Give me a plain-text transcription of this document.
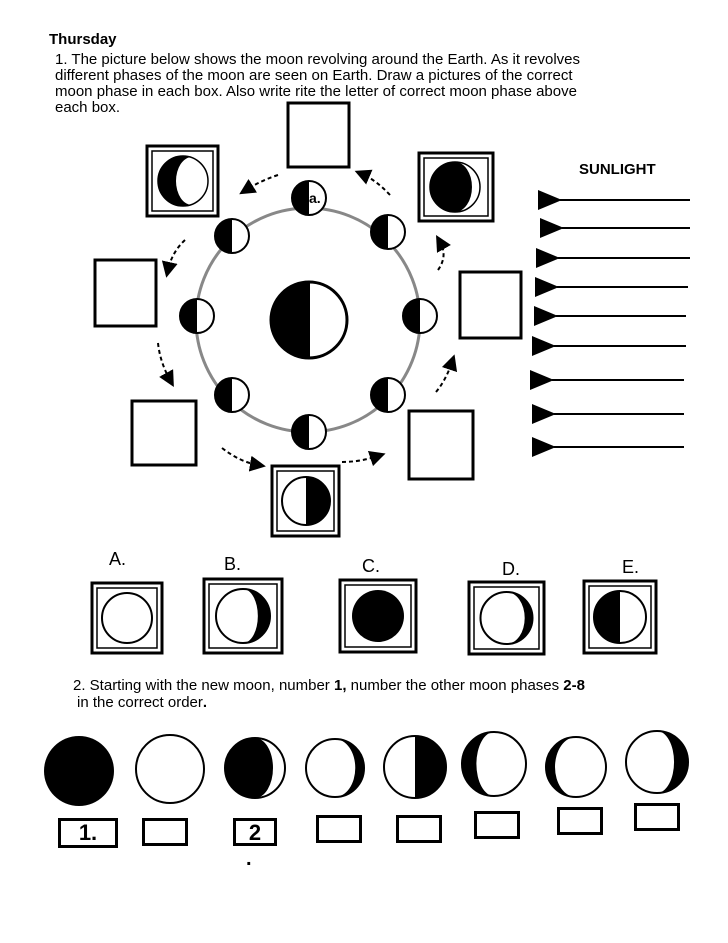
Thursday
1. The picture below shows the moon revolving around the Earth. As it revolves
different phases of the moon are seen on Earth. Draw a pictures of the correct
moon phase in each box. Also write rite the letter of correct moon phase above
each box.
SUNLIGHT
a.
A.	B.	C.	D.	E.
2. Starting with the new moon, number 1, number the other moon phases 2-8
in the correct order.
1.	2
.
